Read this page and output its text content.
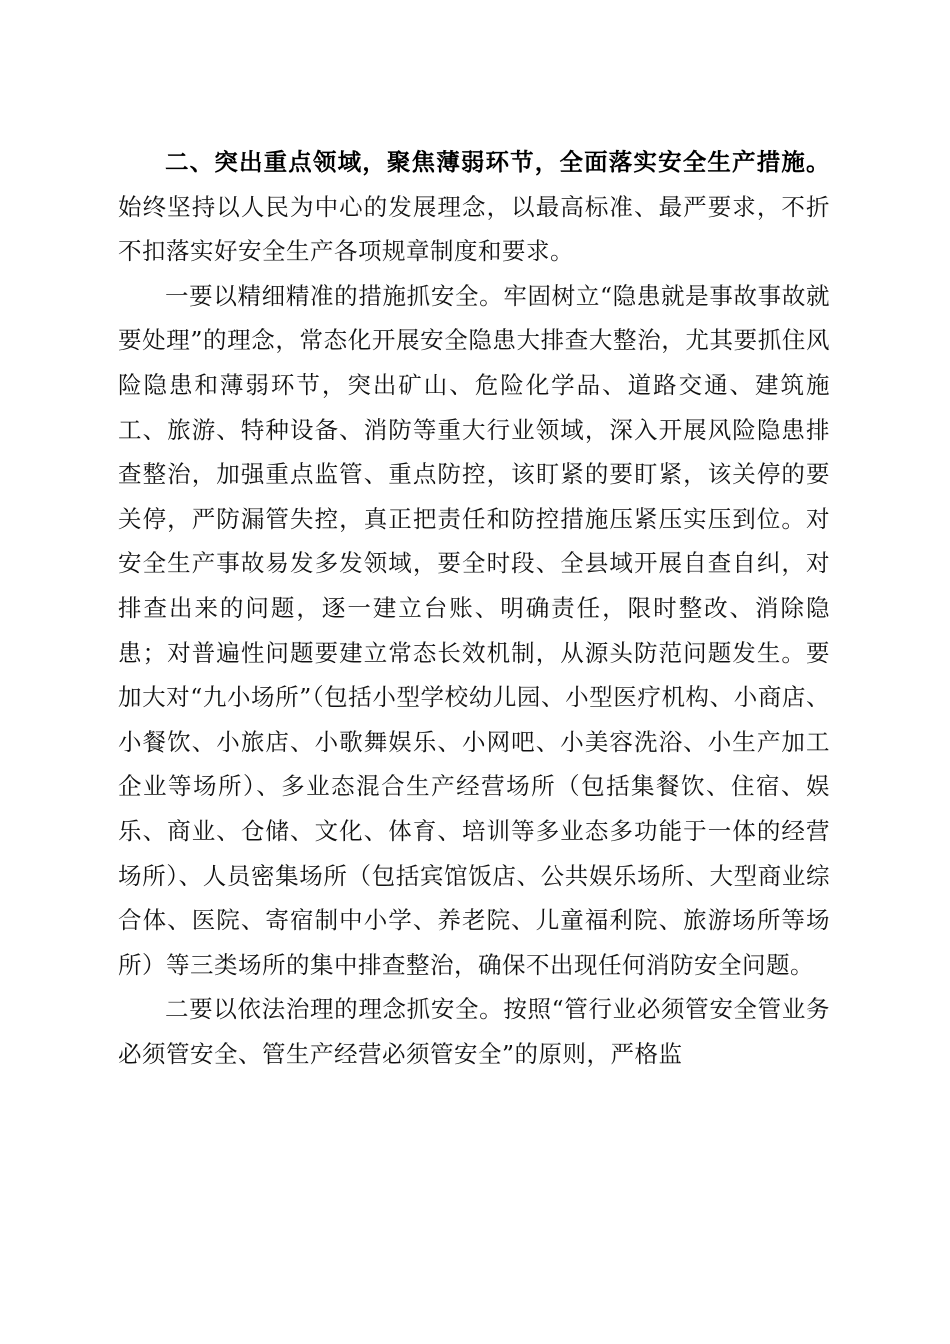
二、突出重点领域，聚焦薄弱环节，全面落实安全生产措施。始终坚持以人民为中心的发展理念，以最高标准、最严要求，不折不扣落实好安全生产各项规章制度和要求。

一要以精细精准的措施抓安全。牢固树立“隐患就是事故事故就要处理”的理念，常态化开展安全隐患大排查大整治，尤其要抓住风险隐患和薄弱环节，突出矿山、危险化学品、道路交通、建筑施工、旅游、特种设备、消防等重大行业领域，深入开展风险隐患排查整治，加强重点监管、重点防控，该盯紧的要盯紧，该关停的要关停，严防漏管失控，真正把责任和防控措施压紧压实压到位。对安全生产事故易发多发领域，要全时段、全县域开展自查自纠，对排查出来的问题，逐一建立台账、明确责任，限时整改、消除隐患；对普遍性问题要建立常态长效机制，从源头防范问题发生。要加大对“九小场所”（包括小型学校幼儿园、小型医疗机构、小商店、小餐饮、小旅店、小歌舞娱乐、小网吧、小美容洗浴、小生产加工企业等场所）、多业态混合生产经营场所（包括集餐饮、住宿、娱乐、商业、仓储、文化、体育、培训等多业态多功能于一体的经营场所）、人员密集场所（包括宾馆饭店、公共娱乐场所、大型商业综合体、医院、寄宿制中小学、养老院、儿童福利院、旅游场所等场所）等三类场所的集中排查整治，确保不出现任何消防安全问题。

二要以依法治理的理念抓安全。按照“管行业必须管安全管业务必须管安全、管生产经营必须管安全”的原则，严格监
